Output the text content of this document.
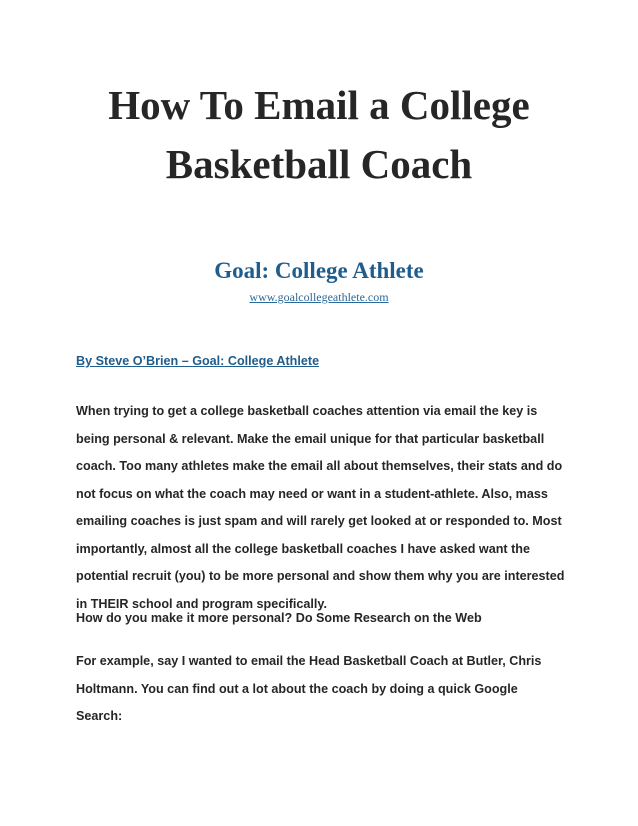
How To Email a College
Basketball Coach
Goal: College Athlete
www.goalcollegeathlete.com
By Steve O’Brien – Goal: College Athlete

When trying to get a college basketball coaches attention via email the key is
being personal & relevant. Make the email unique for that particular basketball
coach. Too many athletes make the email all about themselves, their stats and do
not focus on what the coach may need or want in a student-athlete. Also, mass
emailing coaches is just spam and will rarely get looked at or responded to. Most
importantly, almost all the college basketball coaches I have asked want the
potential recruit (you) to be more personal and show them why you are interested
in THEIR school and program specifically.

How do you make it more personal? Do Some Research on the Web

For example, say I wanted to email the Head Basketball Coach at Butler, Chris
Holtmann. You can find out a lot about the coach by doing a quick Google
Search:
